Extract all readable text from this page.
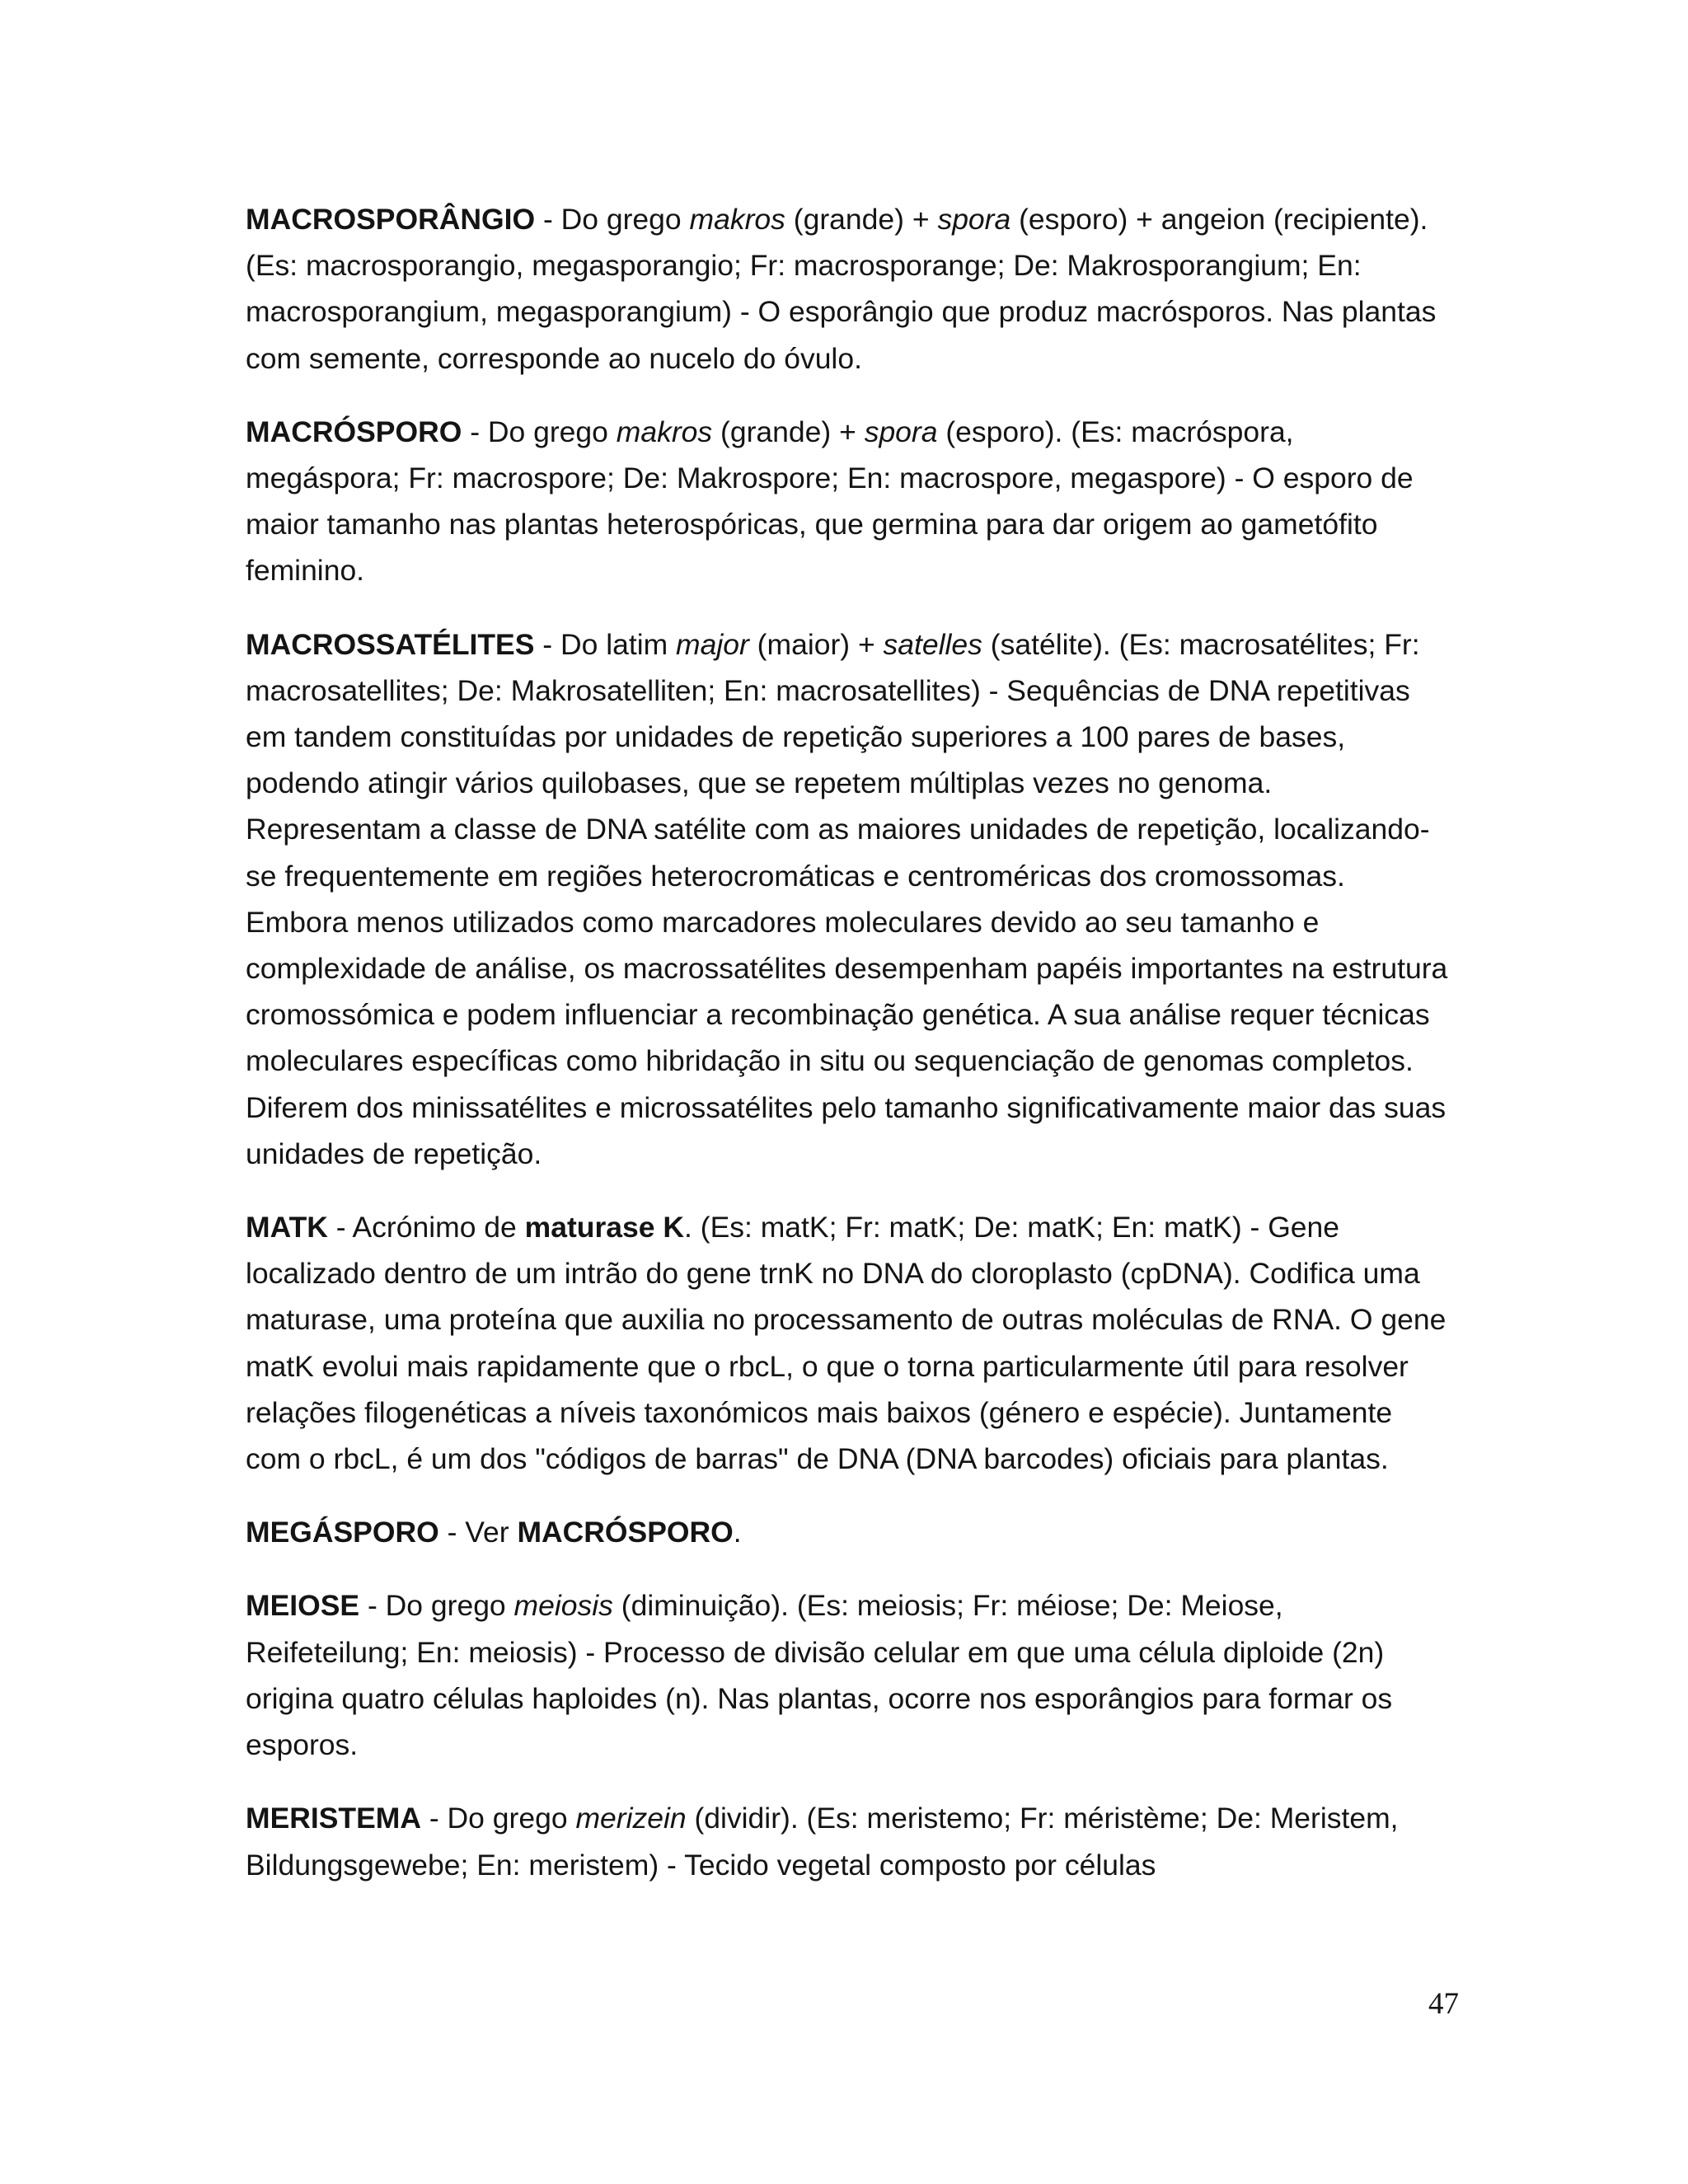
MACROSPORÂNGIO - Do grego makros (grande) + spora (esporo) + angeion (recipiente). (Es: macrosporangio, megasporangio; Fr: macrosporange; De: Makrosporangium; En: macrosporangium, megasporangium) - O esporângio que produz macrósporos. Nas plantas com semente, corresponde ao nucelo do óvulo.

MACRÓSPORO - Do grego makros (grande) + spora (esporo). (Es: macróspora, megáspora; Fr: macrospore; De: Makrospore; En: macrospore, megaspore) - O esporo de maior tamanho nas plantas heterospóricas, que germina para dar origem ao gametófito feminino.

MACROSSATÉLITES - Do latim major (maior) + satelles (satélite). (Es: macrosatélites; Fr: macrosatellites; De: Makrosatelliten; En: macrosatellites) - Sequências de DNA repetitivas em tandem constituídas por unidades de repetição superiores a 100 pares de bases, podendo atingir vários quilobases, que se repetem múltiplas vezes no genoma. Representam a classe de DNA satélite com as maiores unidades de repetição, localizando-se frequentemente em regiões heterocromáticas e centroméricas dos cromossomas. Embora menos utilizados como marcadores moleculares devido ao seu tamanho e complexidade de análise, os macrossatélites desempenham papéis importantes na estrutura cromossómica e podem influenciar a recombinação genética. A sua análise requer técnicas moleculares específicas como hibridação in situ ou sequenciação de genomas completos. Diferem dos minissatélites e microssatélites pelo tamanho significativamente maior das suas unidades de repetição.

MATK - Acrónimo de maturase K. (Es: matK; Fr: matK; De: matK; En: matK) - Gene localizado dentro de um intrão do gene trnK no DNA do cloroplasto (cpDNA). Codifica uma maturase, uma proteína que auxilia no processamento de outras moléculas de RNA. O gene matK evolui mais rapidamente que o rbcL, o que o torna particularmente útil para resolver relações filogenéticas a níveis taxonómicos mais baixos (género e espécie). Juntamente com o rbcL, é um dos "códigos de barras" de DNA (DNA barcodes) oficiais para plantas.

MEGÁSPORO - Ver MACRÓSPORO.

MEIOSE - Do grego meiosis (diminuição). (Es: meiosis; Fr: méiose; De: Meiose, Reifeteilung; En: meiosis) - Processo de divisão celular em que uma célula diploide (2n) origina quatro células haploides (n). Nas plantas, ocorre nos esporângios para formar os esporos.

MERISTEMA - Do grego merizein (dividir). (Es: meristemo; Fr: méristème; De: Meristem, Bildungsgewebe; En: meristem) - Tecido vegetal composto por células

47
